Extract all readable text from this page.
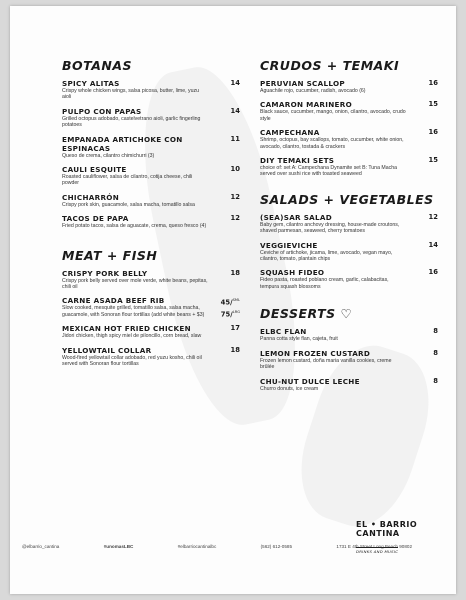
BOTANAS
SPICY ALITAS
Crispy whole chicken wings, salsa picosa, butter, lime, yuzu aioli
14
PULPO CON PAPAS
Grilled octopus adobado, castelvetrano aioli, garlic fingerling potatoes
14
EMPANADA ARTICHOKE CON ESPINACAS
Queso de crema, cilantro chimichurri (3)
11
CAULI ESQUITE
Roasted cauliflower, salsa de cilantro, cotija cheese, chili powder
10
CHICHARRÓN
Crispy pork skin, guacamole, salsa macha, tomatillo salsa
12
TACOS DE PAPA
Fried potato tacos, salsa de aguacate, crema, queso fresco (4)
12
MEAT + FISH
CRISPY PORK BELLY
Crispy pork belly served over mole verde, white beans, pepitas, chili oil
18
CARNE ASADA BEEF RIB
Slow cooked, mesquite grilled, tomatillo salsa, salsa macha, guacamole, with Sonoran flour tortillas (add white beans + $3)
45/$^{SML}$
75/$^{LRG}$
MEXICAN HOT FRIED CHICKEN
Jidori chicken, thigh spicy miel de piloncillo, corn bread, slaw
17
YELLOWTAIL COLLAR
Wood-fired yellowtail collar adobado, red yuzu kosho, chili oil served with Sonoran flour tortillas
18
CRUDOS + TEMAKI
PERUVIAN SCALLOP
Aguachile rojo, cucumber, radish, avocado (6)
16
CAMARON MARINERO
Black sauce, cucumber, mango, onion, cilantro, avocado, crudo style
15
CAMPECHANA
Shrimp, octopus, bay scallops, tomato, cucumber, white onion, avocado, cilantro, tostada & crackers
16
DIY TEMAKI SETS
choice of: set A: Campechana Dynamite set B: Tuna Macha served over sushi rice with toasted seaweed
15
SALADS + VEGETABLES
(SEA)SAR SALAD
Baby gem, cilantro anchovy dressing, house-made croutons, shaved parmesan, seaweed, cherry tomatoes
12
VEGGIEVICHE
Ceviche of artichoke, jicama, lime, avocado, vegan mayo, cilantro, tomato, plantain chips
14
SQUASH FIDEO
Fideo pasta, roasted poblano cream, garlic, calabacitas, tempura squash blossoms
16
DESSERTS ♡
ELBC FLAN
Panna cotta style flan, cajeta, fruit
8
LEMON FROZEN CUSTARD
Frozen lemon custard, doña maria vanilla cookies, creme brûlée
8
CHU-NUT DULCE LECHE
Churro donuts, ice cream
8
@elbarrio_cantina	#unomasLBC	#elbarriocantinalbc	(562) 612-0585	1731 E 4th Street Long Beach 90802
EL • BARRIO
CANTINA
DRINKS AND MUSIC
